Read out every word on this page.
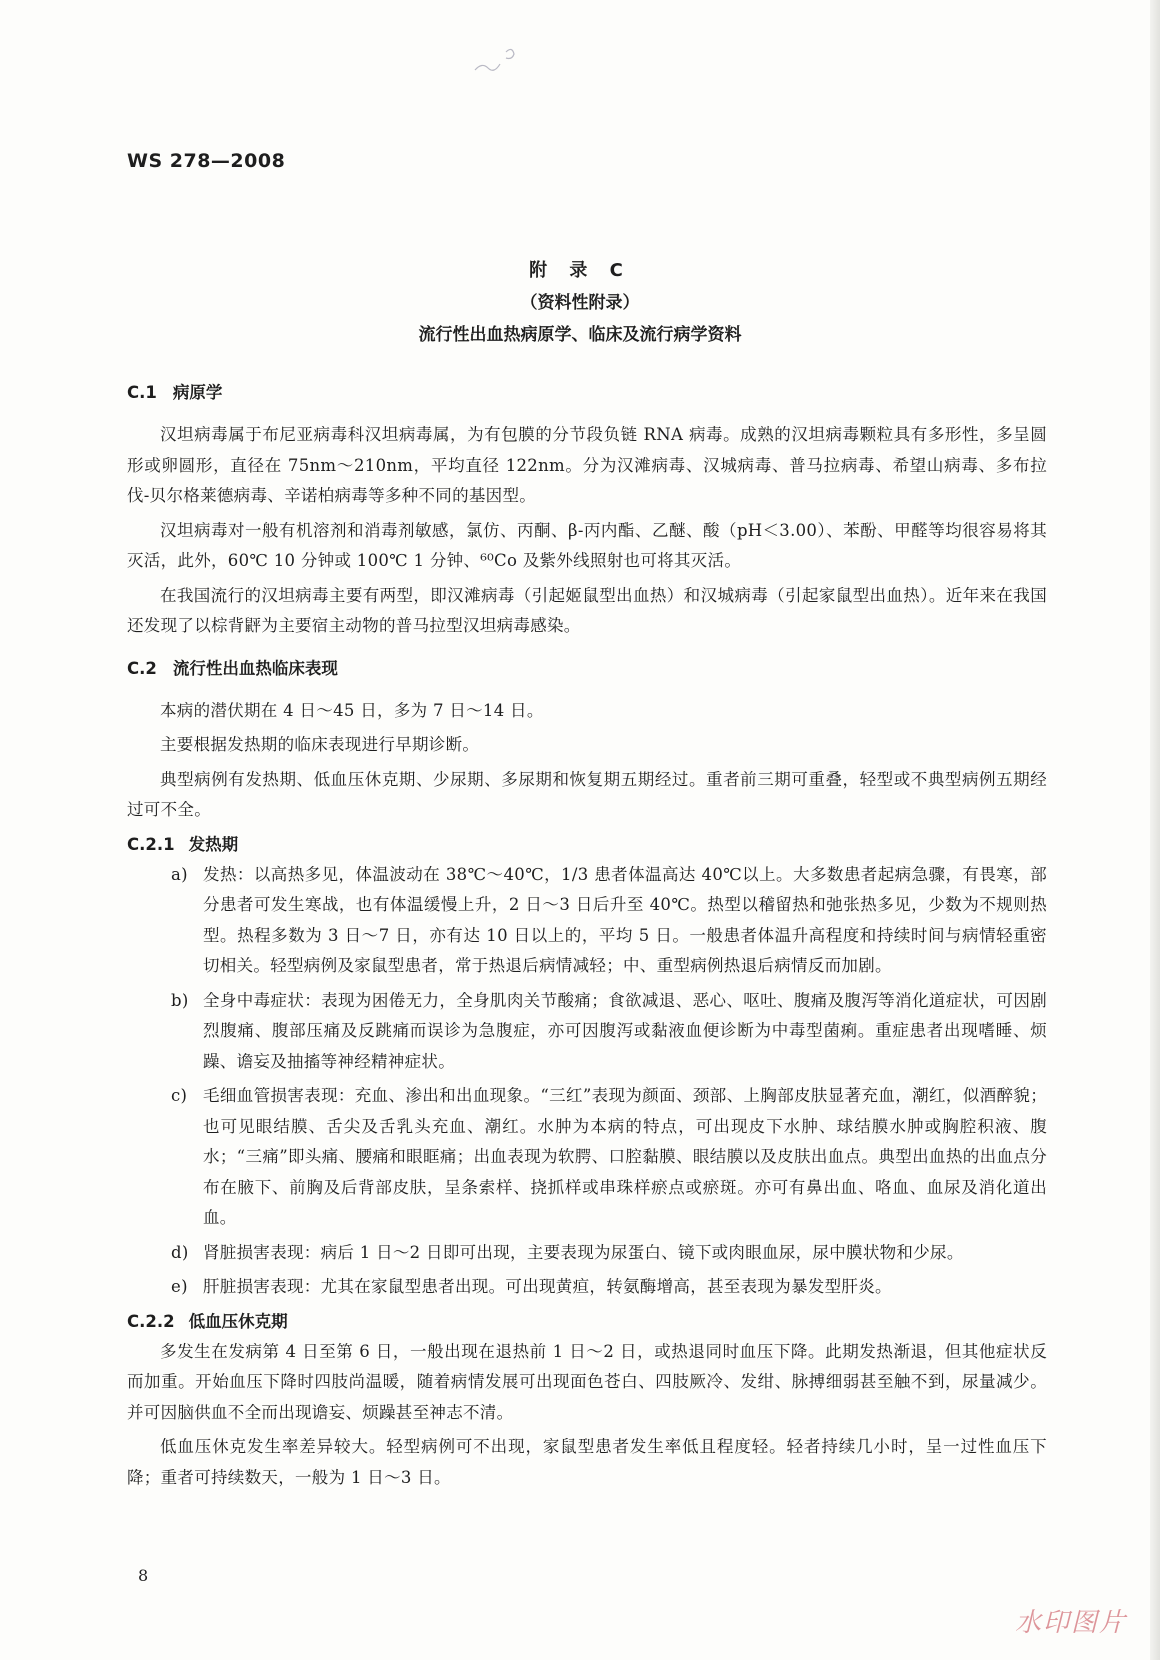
WS 278—2008
附 录 C
（资料性附录）
流行性出血热病原学、临床及流行病学资料
C.1 病原学

汉坦病毒属于布尼亚病毒科汉坦病毒属，为有包膜的分节段负链 RNA 病毒。成熟的汉坦病毒颗粒具有多形性，多呈圆形或卵圆形，直径在 75nm～210nm，平均直径 122nm。分为汉滩病毒、汉城病毒、普马拉病毒、希望山病毒、多布拉伐-贝尔格莱德病毒、辛诺柏病毒等多种不同的基因型。

汉坦病毒对一般有机溶剂和消毒剂敏感，氯仿、丙酮、β-丙内酯、乙醚、酸（pH＜3.00）、苯酚、甲醛等均很容易将其灭活，此外，60℃ 10 分钟或 100℃ 1 分钟、⁶⁰Co 及紫外线照射也可将其灭活。

在我国流行的汉坦病毒主要有两型，即汉滩病毒（引起姬鼠型出血热）和汉城病毒（引起家鼠型出血热）。近年来在我国还发现了以棕背䶄为主要宿主动物的普马拉型汉坦病毒感染。

C.2 流行性出血热临床表现

本病的潜伏期在 4 日～45 日，多为 7 日～14 日。

主要根据发热期的临床表现进行早期诊断。

典型病例有发热期、低血压休克期、少尿期、多尿期和恢复期五期经过。重者前三期可重叠，轻型或不典型病例五期经过可不全。

C.2.1 发热期
a) 发热：以高热多见，体温波动在 38℃～40℃，1/3 患者体温高达 40℃以上。大多数患者起病急骤，有畏寒，部分患者可发生寒战，也有体温缓慢上升，2 日～3 日后升至 40℃。热型以稽留热和弛张热多见，少数为不规则热型。热程多数为 3 日～7 日，亦有达 10 日以上的，平均 5 日。一般患者体温升高程度和持续时间与病情轻重密切相关。轻型病例及家鼠型患者，常于热退后病情减轻；中、重型病例热退后病情反而加剧。
b) 全身中毒症状：表现为困倦无力，全身肌肉关节酸痛；食欲减退、恶心、呕吐、腹痛及腹泻等消化道症状，可因剧烈腹痛、腹部压痛及反跳痛而误诊为急腹症，亦可因腹泻或黏液血便诊断为中毒型菌痢。重症患者出现嗜睡、烦躁、谵妄及抽搐等神经精神症状。
c) 毛细血管损害表现：充血、渗出和出血现象。“三红”表现为颜面、颈部、上胸部皮肤显著充血，潮红，似酒醉貌；也可见眼结膜、舌尖及舌乳头充血、潮红。水肿为本病的特点，可出现皮下水肿、球结膜水肿或胸腔积液、腹水；“三痛”即头痛、腰痛和眼眶痛；出血表现为软腭、口腔黏膜、眼结膜以及皮肤出血点。典型出血热的出血点分布在腋下、前胸及后背部皮肤，呈条索样、挠抓样或串珠样瘀点或瘀斑。亦可有鼻出血、咯血、血尿及消化道出血。
d) 肾脏损害表现：病后 1 日～2 日即可出现，主要表现为尿蛋白、镜下或肉眼血尿，尿中膜状物和少尿。
e) 肝脏损害表现：尤其在家鼠型患者出现。可出现黄疸，转氨酶增高，甚至表现为暴发型肝炎。
C.2.2 低血压休克期

多发生在发病第 4 日至第 6 日，一般出现在退热前 1 日～2 日，或热退同时血压下降。此期发热渐退，但其他症状反而加重。开始血压下降时四肢尚温暖，随着病情发展可出现面色苍白、四肢厥冷、发绀、脉搏细弱甚至触不到，尿量减少。并可因脑供血不全而出现谵妄、烦躁甚至神志不清。

低血压休克发生率差异较大。轻型病例可不出现，家鼠型患者发生率低且程度轻。轻者持续几小时，呈一过性血压下降；重者可持续数天，一般为 1 日～3 日。

8
水印图片
